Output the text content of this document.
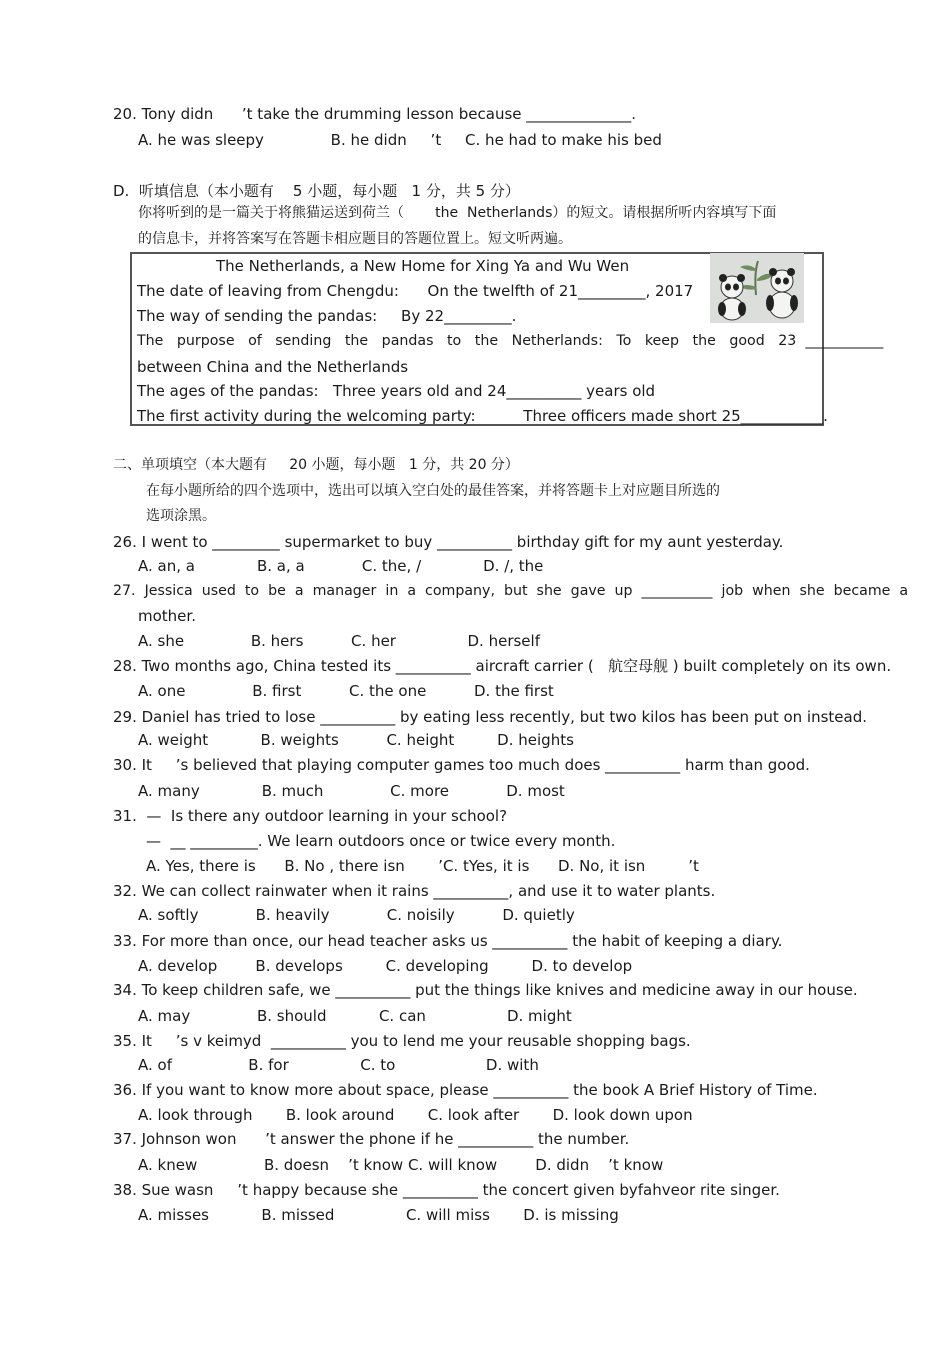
20. Tony didn      ’t take the drumming lesson because ______________.
A. he was sleepy              B. he didn     ’t     C. he had to make his bed
D.  听填信息（本小题有    5 小题，每小题   1 分，共 5 分）
你将听到的是一篇关于将熊猫运送到荷兰（       the  Netherlands）的短文。请根据所听内容填写下面
的信息卡，并将答案写在答题卡相应题目的答题位置上。短文听两遍。
The Netherlands, a New Home for Xing Ya and Wu Wen
The date of leaving from Chengdu:      On the twelfth of 21_________, 2017
The way of sending the pandas:     By 22_________.
The   purpose   of   sending   the   pandas   to   the   Netherlands:   To   keep   the   good   23  ___________
between China and the Netherlands
The ages of the pandas:   Three years old and 24__________ years old
The first activity during the welcoming party:          Three officers made short 25___________.
二、单项填空（本大题有     20 小题，每小题   1 分，共 20 分）
在每小题所给的四个选项中，选出可以填入空白处的最佳答案，并将答题卡上对应题目所选的
选项涂黑。
26. I went to _________ supermarket to buy __________ birthday gift for my aunt yesterday.
A. an, a             B. a, a            C. the, /             D. /, the
27.  Jessica  used  to  be  a  manager  in  a  company,  but  she  gave  up  __________  job  when  she  became  a
mother.
A. she              B. hers          C. her               D. herself
28. Two months ago, China tested its __________ aircraft carrier (   航空母舰 ) built completely on its own.
A. one              B. first          C. the one          D. the first
29. Daniel has tried to lose __________ by eating less recently, but two kilos has been put on instead.
A. weight           B. weights          C. height         D. heights
30. It     ’s believed that playing computer games too much does __________ harm than good.
A. many             B. much              C. more            D. most
31.  —  Is there any outdoor learning in your school?
—  __ _________. We learn outdoors once or twice every month.
A. Yes, there is      B. No , there isn       ’C. tYes, it is      D. No, it isn         ’t
32. We can collect rainwater when it rains __________, and use it to water plants.
A. softly            B. heavily            C. noisily          D. quietly
33. For more than once, our head teacher asks us __________ the habit of keeping a diary.
A. develop        B. develops         C. developing         D. to develop
34. To keep children safe, we __________ put the things like knives and medicine away in our house.
A. may              B. should           C. can                 D. might
35. It     ’s v keimyd  __________ you to lend me your reusable shopping bags.
A. of                B. for               C. to                   D. with
36. If you want to know more about space, please __________ the book A Brief History of Time.
A. look through       B. look around       C. look after       D. look down upon
37. Johnson won      ’t answer the phone if he __________ the number.
A. knew              B. doesn    ’t know C. will know        D. didn    ’t know
38. Sue wasn     ’t happy because she __________ the concert given byfahveor rite singer.
A. misses           B. missed               C. will miss       D. is missing
